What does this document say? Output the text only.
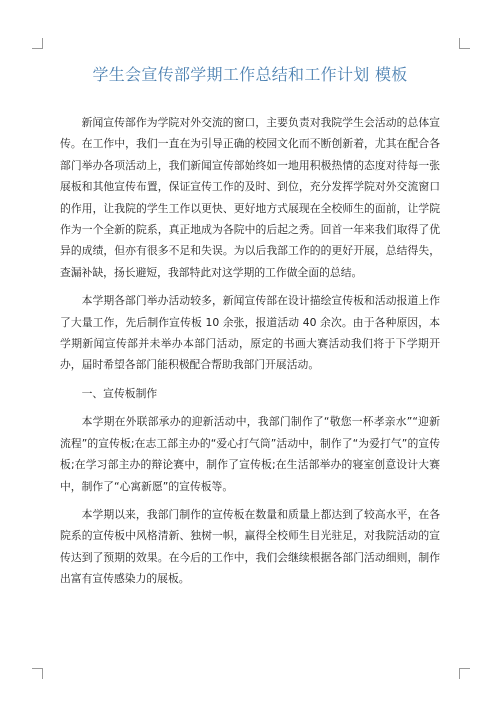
学生会宣传部学期工作总结和工作计划 模板

新闻宣传部作为学院对外交流的窗口，主要负责对我院学生会活动的总体宣传。在工作中，我们一直在为引导正确的校园文化而不断创新着，尤其在配合各部门举办各项活动上，我们新闻宣传部始终如一地用积极热情的态度对待每一张展板和其他宣传布置，保证宣传工作的及时、到位，充分发挥学院对外交流窗口的作用，让我院的学生工作以更快、更好地方式展现在全校师生的面前，让学院作为一个全新的院系，真正地成为各院中的后起之秀。回首一年来我们取得了优异的成绩，但亦有很多不足和失误。为以后我部工作的的更好开展，总结得失，查漏补缺，扬长避短，我部特此对这学期的工作做全面的总结。

本学期各部门举办活动较多，新闻宣传部在设计描绘宣传板和活动报道上作了大量工作，先后制作宣传板 10 余张，报道活动 40 余次。由于各种原因，本学期新闻宣传部并未举办本部门活动，原定的书画大赛活动我们将于下学期开办，届时希望各部门能积极配合帮助我部门开展活动。

一、宣传板制作

本学期在外联部承办的迎新活动中，我部门制作了“敬您一杯孝亲水”“迎新流程”的宣传板;在志工部主办的“爱心打气筒”活动中，制作了“为爱打气”的宣传板;在学习部主办的辩论赛中，制作了宣传板;在生活部举办的寝室创意设计大赛中，制作了“心寓新愿”的宣传板等。

本学期以来，我部门制作的宣传板在数量和质量上都达到了较高水平，在各院系的宣传板中风格清新、独树一帜，赢得全校师生目光驻足，对我院活动的宣传达到了预期的效果。在今后的工作中，我们会继续根据各部门活动细则，制作出富有宣传感染力的展板。
